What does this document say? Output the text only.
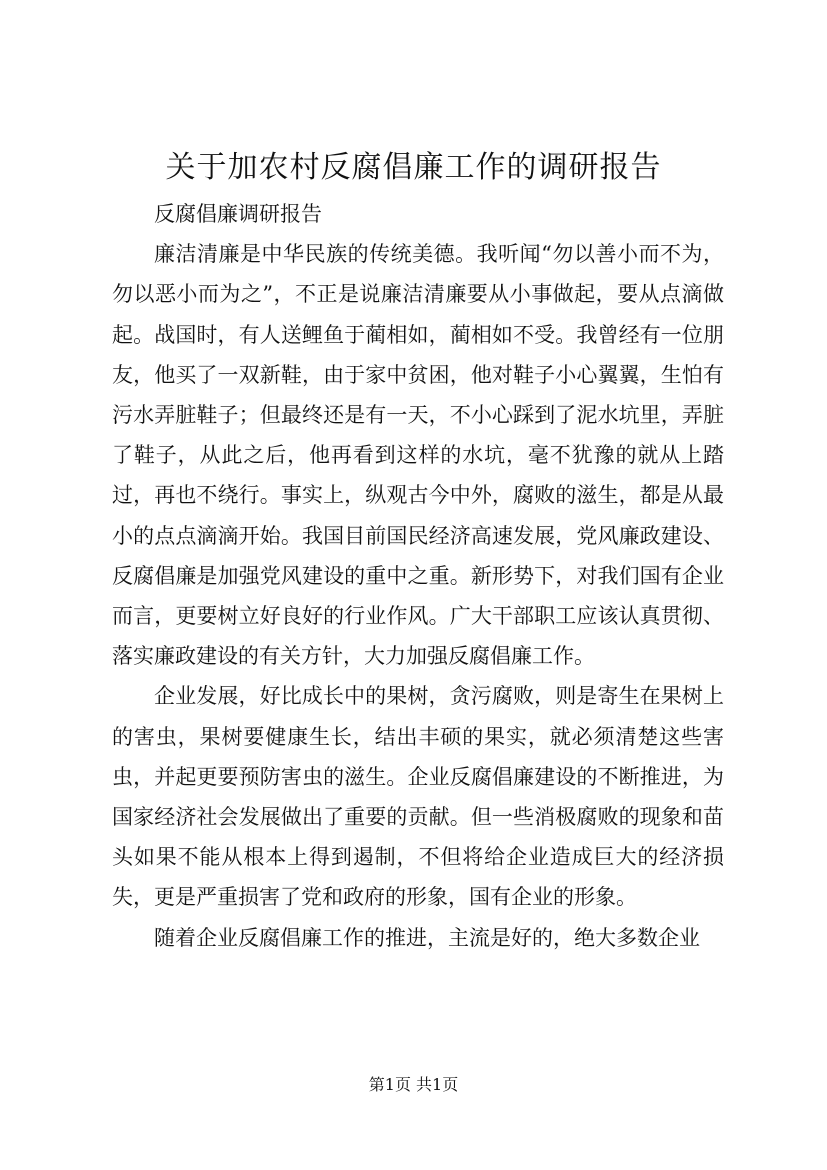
关于加农村反腐倡廉工作的调研报告

反腐倡廉调研报告

廉洁清廉是中华民族的传统美德。我听闻“勿以善小而不为，勿以恶小而为之”，不正是说廉洁清廉要从小事做起，要从点滴做起。战国时，有人送鲤鱼于蔺相如，蔺相如不受。我曾经有一位朋友，他买了一双新鞋，由于家中贫困，他对鞋子小心翼翼，生怕有污水弄脏鞋子；但最终还是有一天，不小心踩到了泥水坑里，弄脏了鞋子，从此之后，他再看到这样的水坑，毫不犹豫的就从上踏过，再也不绕行。事实上，纵观古今中外，腐败的滋生，都是从最小的点点滴滴开始。我国目前国民经济高速发展，党风廉政建设、反腐倡廉是加强党风建设的重中之重。新形势下，对我们国有企业而言，更要树立好良好的行业作风。广大干部职工应该认真贯彻、落实廉政建设的有关方针，大力加强反腐倡廉工作。

企业发展，好比成长中的果树，贪污腐败，则是寄生在果树上的害虫，果树要健康生长，结出丰硕的果实，就必须清楚这些害虫，并起更要预防害虫的滋生。企业反腐倡廉建设的不断推进，为国家经济社会发展做出了重要的贡献。但一些消极腐败的现象和苗头如果不能从根本上得到遏制，不但将给企业造成巨大的经济损失，更是严重损害了党和政府的形象，国有企业的形象。

随着企业反腐倡廉工作的推进，主流是好的，绝大多数企业

第1页 共1页
